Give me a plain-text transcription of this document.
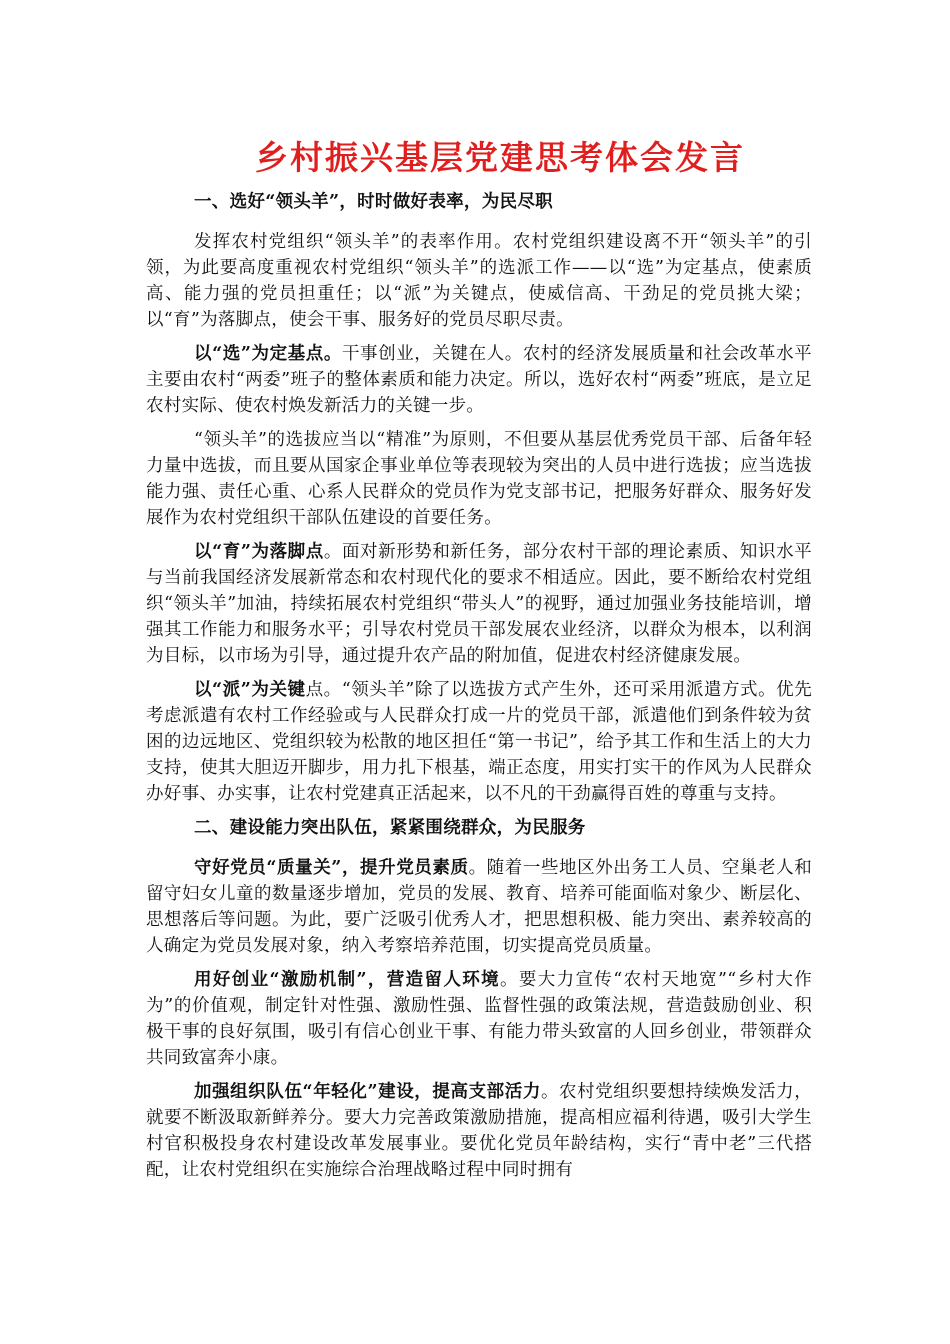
乡村振兴基层党建思考体会发言

一、选好“领头羊”，时时做好表率，为民尽职

发挥农村党组织“领头羊”的表率作用。农村党组织建设离不开“领头羊”的引领，为此要高度重视农村党组织“领头羊”的选派工作——以“选”为定基点，使素质高、能力强的党员担重任；以“派”为关键点，使威信高、干劲足的党员挑大梁；以“育”为落脚点，使会干事、服务好的党员尽职尽责。

以“选”为定基点。干事创业，关键在人。农村的经济发展质量和社会改革水平主要由农村“两委”班子的整体素质和能力决定。所以，选好农村“两委”班底，是立足农村实际、使农村焕发新活力的关键一步。

“领头羊”的选拔应当以“精准”为原则，不但要从基层优秀党员干部、后备年轻力量中选拔，而且要从国家企事业单位等表现较为突出的人员中进行选拔；应当选拔能力强、责任心重、心系人民群众的党员作为党支部书记，把服务好群众、服务好发展作为农村党组织干部队伍建设的首要任务。

以“育”为落脚点。面对新形势和新任务，部分农村干部的理论素质、知识水平与当前我国经济发展新常态和农村现代化的要求不相适应。因此，要不断给农村党组织“领头羊”加油，持续拓展农村党组织“带头人”的视野，通过加强业务技能培训，增强其工作能力和服务水平；引导农村党员干部发展农业经济，以群众为根本，以利润为目标，以市场为引导，通过提升农产品的附加值，促进农村经济健康发展。

以“派”为关键点。“领头羊”除了以选拔方式产生外，还可采用派遣方式。优先考虑派遣有农村工作经验或与人民群众打成一片的党员干部，派遣他们到条件较为贫困的边远地区、党组织较为松散的地区担任“第一书记”，给予其工作和生活上的大力支持，使其大胆迈开脚步，用力扎下根基，端正态度，用实打实干的作风为人民群众办好事、办实事，让农村党建真正活起来，以不凡的干劲赢得百姓的尊重与支持。

二、建设能力突出队伍，紧紧围绕群众，为民服务

守好党员“质量关”，提升党员素质。随着一些地区外出务工人员、空巢老人和留守妇女儿童的数量逐步增加，党员的发展、教育、培养可能面临对象少、断层化、思想落后等问题。为此，要广泛吸引优秀人才，把思想积极、能力突出、素养较高的人确定为党员发展对象，纳入考察培养范围，切实提高党员质量。

用好创业“激励机制”，营造留人环境。要大力宣传“农村天地宽”“乡村大作为”的价值观，制定针对性强、激励性强、监督性强的政策法规，营造鼓励创业、积极干事的良好氛围，吸引有信心创业干事、有能力带头致富的人回乡创业，带领群众共同致富奔小康。

加强组织队伍“年轻化”建设，提高支部活力。农村党组织要想持续焕发活力，就要不断汲取新鲜养分。要大力完善政策激励措施，提高相应福利待遇，吸引大学生村官积极投身农村建设改革发展事业。要优化党员年龄结构，实行“青中老”三代搭配，让农村党组织在实施综合治理战略过程中同时拥有
